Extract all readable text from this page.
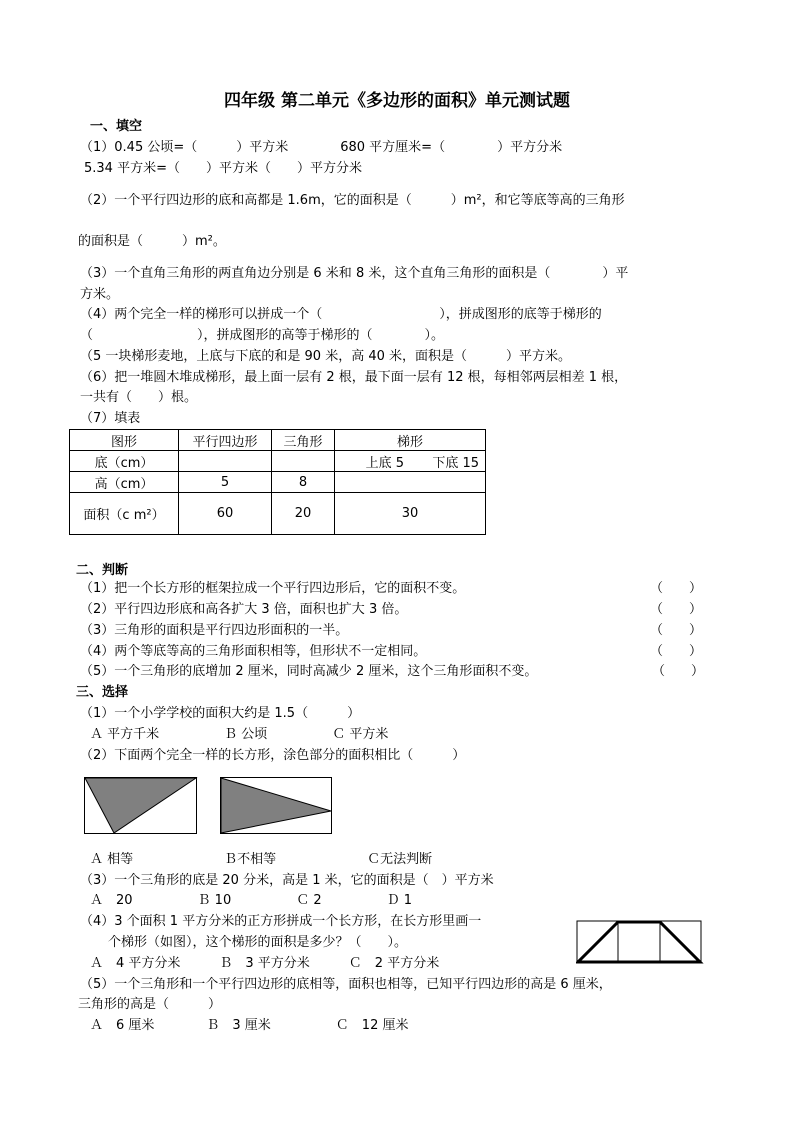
四年级 第二单元《多边形的面积》单元测试题
一、填空
（1）0.45 公顷=（　　　）平方米　　　　680 平方厘米=（　　　　）平方分米
5.34 平方米=（　　）平方米（　　）平方分米
（2）一个平行四边形的底和高都是 1.6m，它的面积是（　　　）m²，和它等底等高的三角形
的面积是（　　　）m²。
（3）一个直角三角形的两直角边分别是 6 米和 8 米，这个直角三角形的面积是（　　　　）平
方米。
（4）两个完全一样的梯形可以拼成一个（　　　　　　　　　），拼成图形的底等于梯形的
（　　　　　　　　），拼成图形的高等于梯形的（　　　　）。
（5 一块梯形麦地，上底与下底的和是 90 米，高 40 米，面积是（　　　）平方米。
（6）把一堆圆木堆成梯形，最上面一层有 2 根，最下面一层有 12 根，每相邻两层相差 1 根，
一共有（　　）根。
（7）填表
图形	平行四边形	三角形	梯形
底（cm）			上底 5 下底 15
高（cm）	5	8	
面积（c m²）	60	20	30
二、判断
（1）把一个长方形的框架拉成一个平行四边形后，它的面积不变。	（　　）
（2）平行四边形底和高各扩大 3 倍，面积也扩大 3 倍。	（　　）
（3）三角形的面积是平行四边形面积的一半。	（　　）
（4）两个等底等高的三角形面积相等，但形状不一定相同。	（　　）
（5）一个三角形的底增加 2 厘米，同时高减少 2 厘米，这个三角形面积不变。	（　　）
三、选择
（1）一个小学学校的面积大约是 1.5（　　　）
Ａ 平方千米　　　　　Ｂ 公顷　　　　　Ｃ 平方米
（2）下面两个完全一样的长方形，涂色部分的面积相比（　　　）
Ａ 相等　　　　　　　Ｂ不相等　　　　　　　Ｃ无法判断
（3）一个三角形的底是 20 分米，高是 1 米，它的面积是（　）平方米
Ａ　20　　　　　Ｂ 10　　　　　Ｃ 2　　　　　Ｄ 1
（4）3 个面积 1 平方分米的正方形拼成一个长方形，在长方形里画一
个梯形（如图），这个梯形的面积是多少？（　　）。
Ａ　4 平方分米　　　Ｂ　3 平方分米　　　Ｃ　2 平方分米
（5）一个三角形和一个平行四边形的底相等，面积也相等，已知平行四边形的高是 6 厘米，
三角形的高是（　　　）
Ａ　6 厘米　　　　Ｂ　3 厘米　　　　　Ｃ　12 厘米
